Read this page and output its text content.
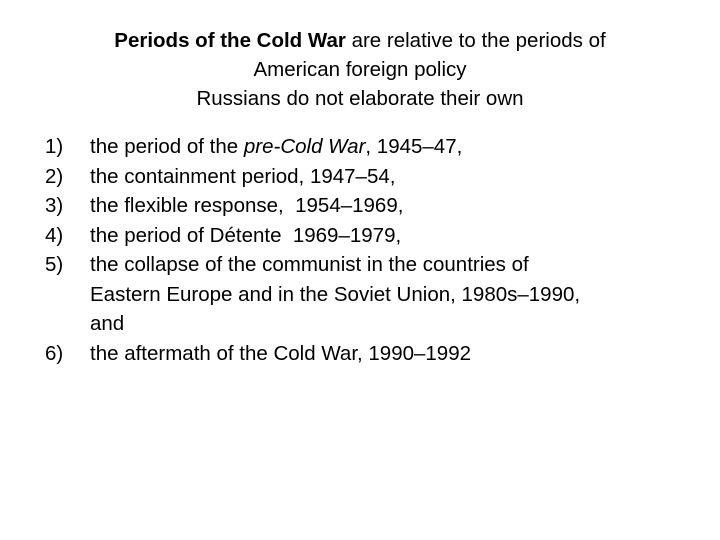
Periods of the Cold War are relative to the periods of
American foreign policy
Russians do not elaborate their own
1)	the period of the pre-Cold War, 1945–47,
2)	the containment period, 1947–54,
3)	the flexible response,  1954–1969,
4)	the period of Détente  1969–1979,
5)	the collapse of the communist in the countries of
Eastern Europe and in the Soviet Union, 1980s–1990,
and
6)	the aftermath of the Cold War, 1990–1992
